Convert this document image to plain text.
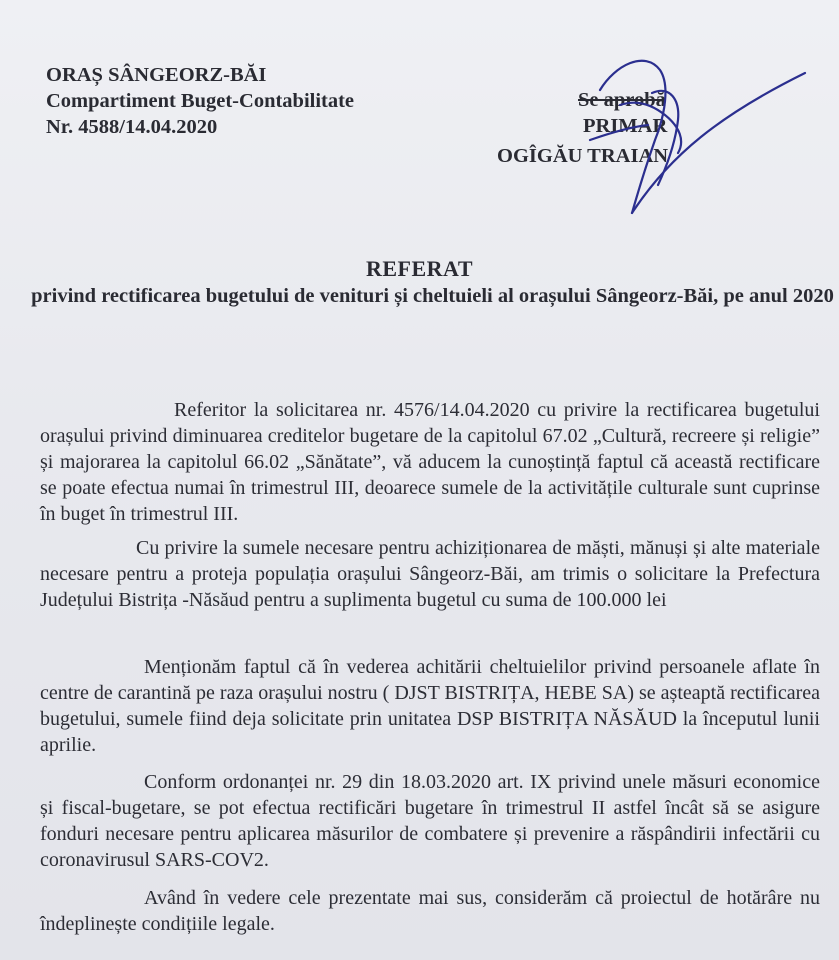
ORAȘ SÂNGEORZ-BĂI
Compartiment Buget-Contabilitate
Nr. 4588/14.04.2020
Se aprobă
PRIMAR
OGÎGĂU TRAIAN
REFERAT
privind rectificarea bugetului de venituri și cheltuieli al orașului Sângeorz-Băi, pe anul 2020
Referitor la solicitarea nr. 4576/14.04.2020 cu privire la rectificarea bugetului orașului privind diminuarea creditelor bugetare de la capitolul 67.02 „Cultură, recreere și religie” și majorarea la capitolul 66.02 „Sănătate”, vă aducem la cunoștință faptul că această rectificare se poate efectua numai în trimestrul III, deoarece sumele de la activitățile culturale sunt cuprinse în buget în trimestrul III.
Cu privire la sumele necesare pentru achiziționarea de măști, mănuși și alte materiale necesare pentru a proteja populația orașului Sângeorz-Băi, am trimis o solicitare la Prefectura Județului Bistrița -Năsăud pentru a suplimenta bugetul cu suma de 100.000 lei
Menționăm faptul că în vederea achitării cheltuielilor privind persoanele aflate în centre de carantină pe raza orașului nostru ( DJST BISTRIȚA, HEBE SA) se așteaptă rectificarea bugetului, sumele fiind deja solicitate prin unitatea DSP BISTRIȚA NĂSĂUD la începutul lunii aprilie.
Conform ordonanței nr. 29 din 18.03.2020 art. IX privind unele măsuri economice și fiscal-bugetare, se pot efectua rectificări bugetare în trimestrul II astfel încât să se asigure fonduri necesare pentru aplicarea măsurilor de combatere și prevenire a răspândirii infectării cu coronavirusul SARS-COV2.
Având în vedere cele prezentate mai sus, considerăm că proiectul de hotărâre nu îndeplinește condițiile legale.
